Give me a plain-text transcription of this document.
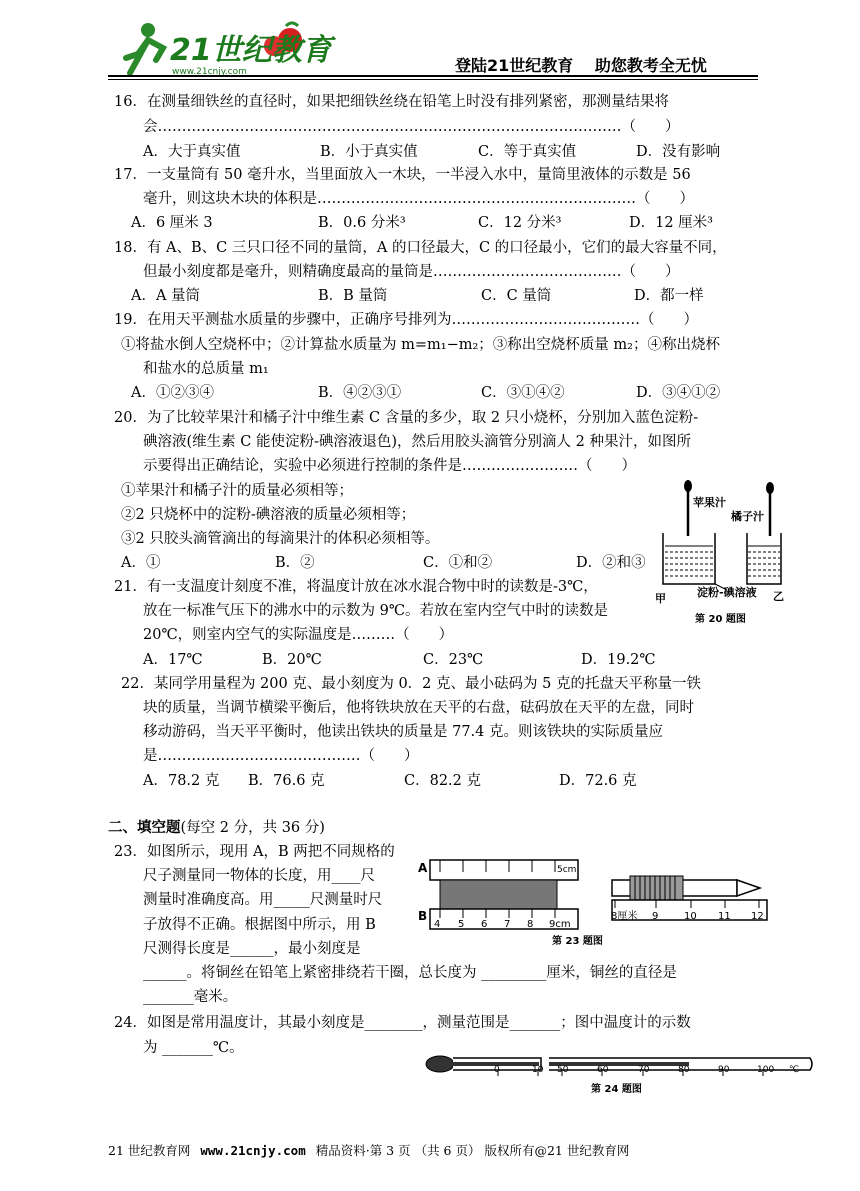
21世纪教育
www.21cnjy.com	登陆21世纪教育　 助您教考全无忧
16．在测量细铁丝的直径时，如果把细铁丝绕在铅笔上时没有排列紧密，那测量结果将
会……………………………………………………………………………………（　　）
A．大于真实值	B．小于真实值	C．等于真实值	D．没有影响
17．一支量筒有 50 毫升水，当里面放入一木块，一半浸入水中，量筒里液体的示数是 56
毫升，则这块木块的体积是…………………………………………………………（　　）
A．6 厘米 3	B．0.6 分米³	C．12 分米³	D．12 厘米³
18．有 A、B、C 三只口径不同的量筒，A 的口径最大，C 的口径最小，它们的最大容量不同，
但最小刻度都是毫升，则精确度最高的量筒是…………………………………（　　）
A．A 量筒	B．B 量筒	C．C 量筒	D．都一样
19．在用天平测盐水质量的步骤中，正确序号排列为…………………………………（　　）
①将盐水倒人空烧杯中；②计算盐水质量为 m=m₁−m₂；③称出空烧杯质量 m₂；④称出烧杯
和盐水的总质量 m₁
A．①②③④	B．④②③①	C．③①④②	D．③④①②
20．为了比较苹果汁和橘子汁中维生素 C 含量的多少，取 2 只小烧杯，分别加入蓝色淀粉-
碘溶液(维生素 C 能使淀粉-碘溶液退色)，然后用胶头滴管分别滴人 2 种果汁，如图所
示要得出正确结论，实验中必须进行控制的条件是……………………（　　）
①苹果汁和橘子汁的质量必须相等；
②2 只烧杯中的淀粉-碘溶液的质量必须相等；
③2 只胶头滴管滴出的每滴果汁的体积必须相等。
A．①	B．②	C．①和②	D．②和③
苹果汁
橘子汁
甲	淀粉-碘溶液 乙
第 20 题图
21．有一支温度计刻度不准，将温度计放在冰水混合物中时的读数是-3℃，
放在一标准气压下的沸水中的示数为 9℃。若放在室内空气中时的读数是
20℃，则室内空气的实际温度是………（　　）
A．17℃	B．20℃	C．23℃	D．19.2℃
22．某同学用量程为 200 克、最小刻度为 0．2 克、最小砝码为 5 克的托盘天平称量一铁
块的质量，当调节横梁平衡后，他将铁块放在天平的右盘，砝码放在天平的左盘，同时
移动游码，当天平平衡时，他读出铁块的质量是 77.4 克。则该铁块的实际质量应
是……………………………………（　　）
A．78.2 克 B．76.6 克	C．82.2 克	D．72.6 克
二、填空题(每空 2 分，共 36 分)
23．如图所示，现用 A，B 两把不同规格的
尺子测量同一物体的长度，用____尺
测量时准确度高。用_____尺测量时尺
子放得不正确。根据图中所示，用 B
尺测得长度是______，最小刻度是
______。将铜丝在铅笔上紧密排绕若干圈，总长度为 _________厘米，铜丝的直径是
_______毫米。
A	5cm
B
4 5 6 7 8 9cm
8厘米 9	10 11 12
第 23 题图
24．如图是常用温度计，其最小刻度是________，测量范围是_______；图中温度计的示数
为 _______℃。
0	10 50	60	70	80	90	100 ℃
第 24 题图
21 世纪教育网 www.21cnjy.com 精品资料·第 3 页 （共 6 页） 版权所有@21 世纪教育网
